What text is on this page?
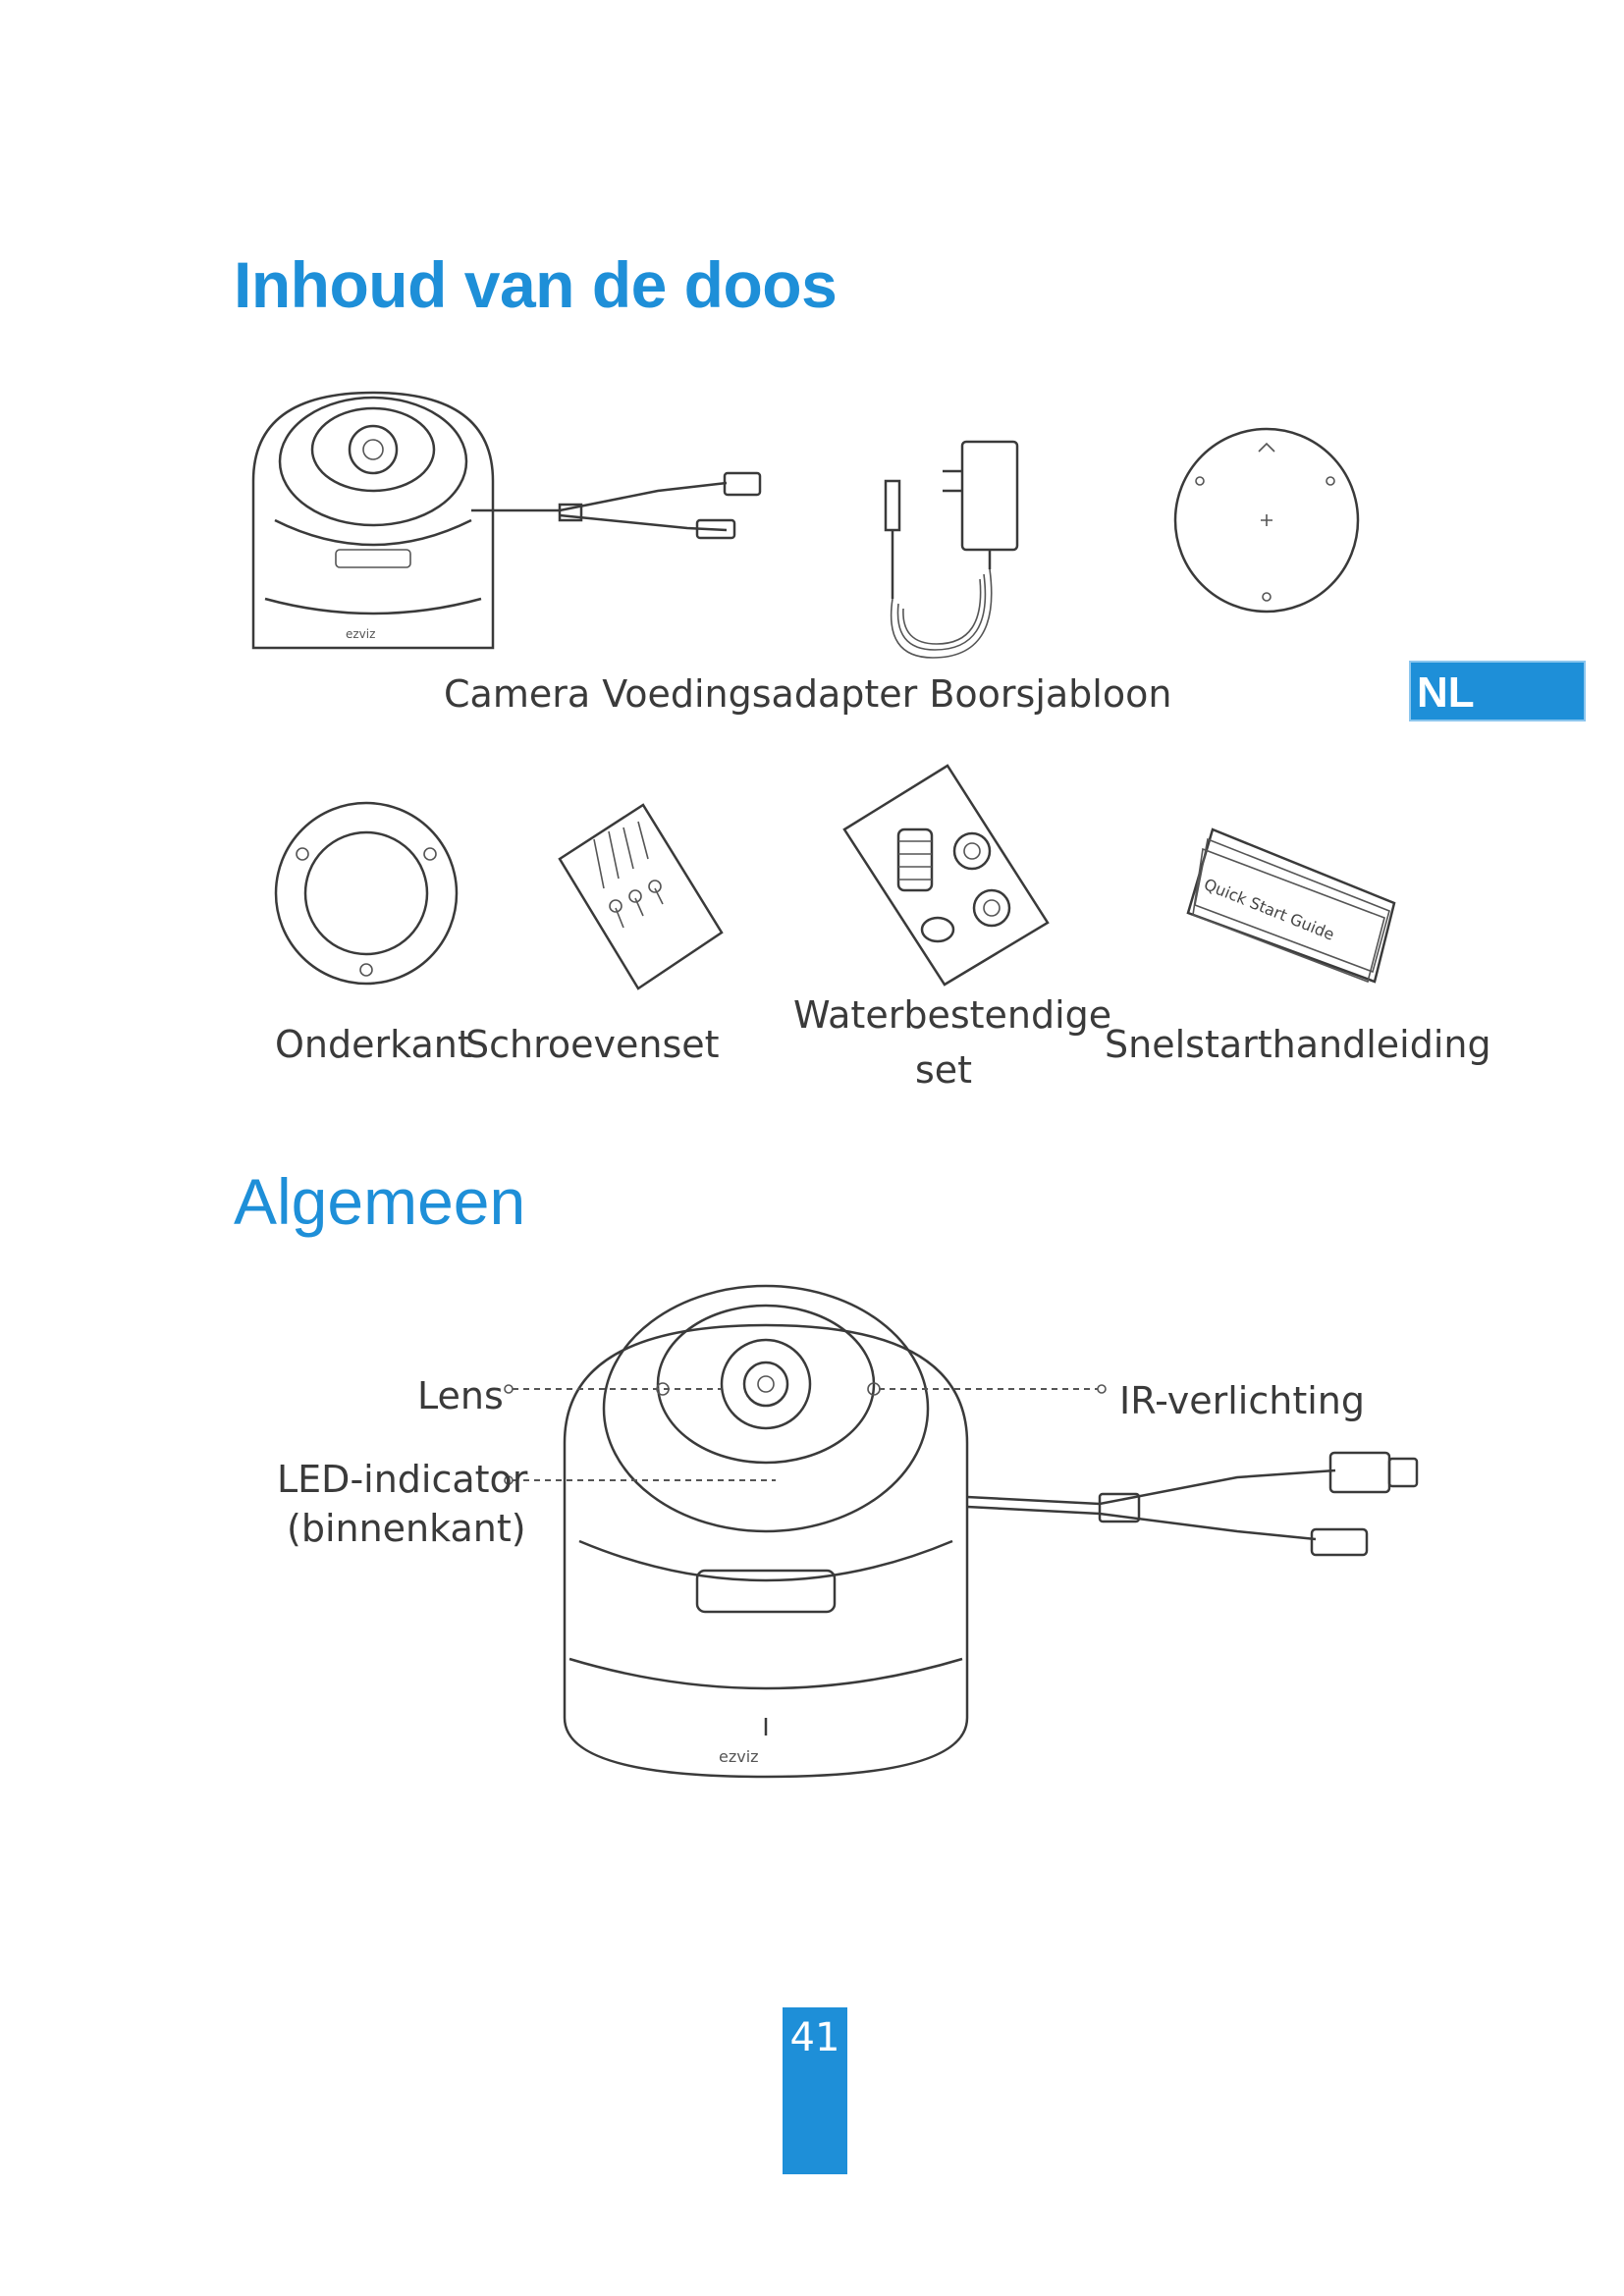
Inhoud van de doos
Algemeen
NL
ezviz
Camera Voedingsadapter Boorsjabloon
Quick Start Guide
Onderkant
Schroevenset
Waterbestendige
set
Snelstarthandleiding
ezviz
Lens
LED-indicator
(binnenkant)
IR-verlichting
41
